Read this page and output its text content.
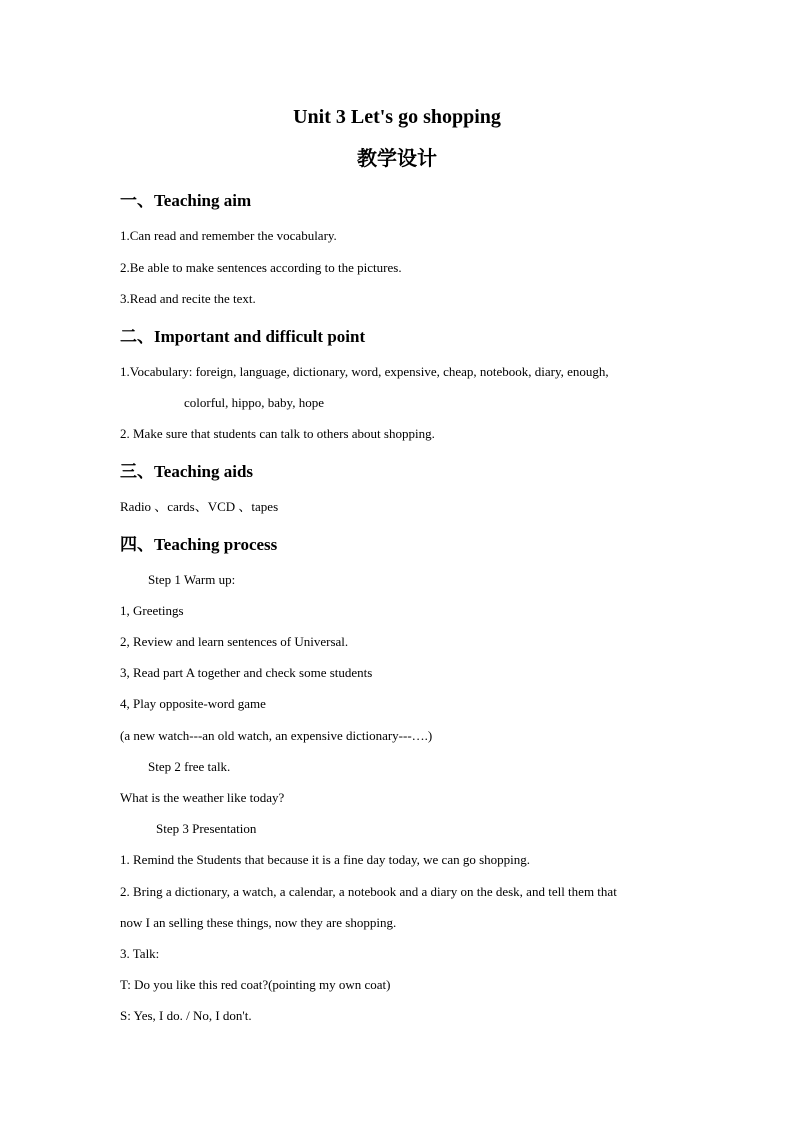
Unit 3 Let's go shopping
教学设计
一、Teaching aim
1.Can read and remember the vocabulary.
2.Be able to make sentences according to the pictures.
3.Read and recite the text.
二、Important and difficult point
1.Vocabulary: foreign, language, dictionary, word, expensive, cheap, notebook, diary, enough,
colorful, hippo, baby, hope
2. Make sure that students can talk to others about shopping.
三、Teaching aids
Radio 、cards、VCD 、tapes
四、Teaching process
Step 1 Warm up:
1, Greetings
2, Review and learn sentences of Universal.
3, Read part A together and check some students
4, Play opposite-word game
(a new watch---an old watch, an expensive dictionary---….)
Step 2 free talk.
What is the weather like today?
Step 3 Presentation
1. Remind the Students that because it is a fine day today, we can go shopping.
2. Bring a dictionary, a watch, a calendar, a notebook and a diary on the desk, and tell them that
now I an selling these things, now they are shopping.
3. Talk:
T: Do you like this red coat?(pointing my own coat)
S: Yes, I do. / No, I don't.
